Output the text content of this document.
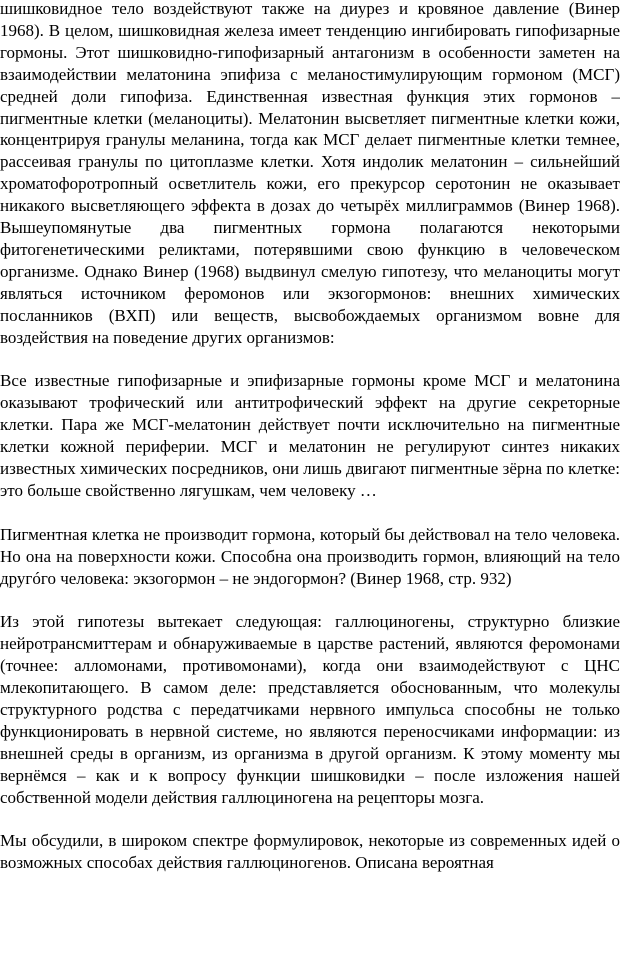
шишковидное тело воздействуют также на диурез и кровяное давление (Винер 1968). В целом, шишковидная железа имеет тенденцию ингибировать гипофизарные гормоны. Этот шишковидно-гипофизарный антагонизм в особенности заметен на взаимодействии мелатонина эпифиза с меланостимулирующим гормоном (МСГ) средней доли гипофиза. Единственная известная функция этих гормонов – пигментные клетки (меланоциты). Мелатонин высветляет пигментные клетки кожи, концентрируя гранулы меланина, тогда как МСГ делает пигментные клетки темнее, рассеивая гранулы по цитоплазме клетки. Хотя индолик мелатонин – сильнейший хроматофоротропный осветлитель кожи, его прекурсор серотонин не оказывает никакого высветляющего эффекта в дозах до четырёх миллиграммов (Винер 1968). Вышеупомянутые два пигментных гормона полагаются некоторыми фитогенетическими реликтами, потерявшими свою функцию в человеческом организме. Однако Винер (1968) выдвинул смелую гипотезу, что меланоциты могут являться источником феромонов или экзогормонов: внешних химических посланников (ВХП) или веществ, высвобождаемых организмом вовне для воздействия на поведение других организмов:

Все известные гипофизарные и эпифизарные гормоны кроме МСГ и мелатонина оказывают трофический или антитрофический эффект на другие секреторные клетки. Пара же МСГ-мелатонин действует почти исключительно на пигментные клетки кожной периферии. МСГ и мелатонин не регулируют синтез никаких известных химических посредников, они лишь двигают пигментные зёрна по клетке: это больше свойственно лягушкам, чем человеку …

Пигментная клетка не производит гормона, который бы действовал на тело человека. Но она на поверхности кожи. Способна она производить гормон, влияющий на тело другóго человека: экзогормон – не эндогормон? (Винер 1968, стр. 932)

Из этой гипотезы вытекает следующая: галлюциногены, структурно близкие нейротрансмиттерам и обнаруживаемые в царстве растений, являются феромонами (точнее: алломонами, противомонами), когда они взаимодействуют с ЦНС млекопитающего. В самом деле: представляется обоснованным, что молекулы структурного родства с передатчиками нервного импульса способны не только функционировать в нервной системе, но являются переносчиками информации: из внешней среды в организм, из организма в другой организм. К этому моменту мы вернёмся – как и к вопросу функции шишковидки – после изложения нашей собственной модели действия галлюциногена на рецепторы мозга.

Мы обсудили, в широком спектре формулировок, некоторые из современных идей о возможных способах действия галлюциногенов. Описана вероятная
